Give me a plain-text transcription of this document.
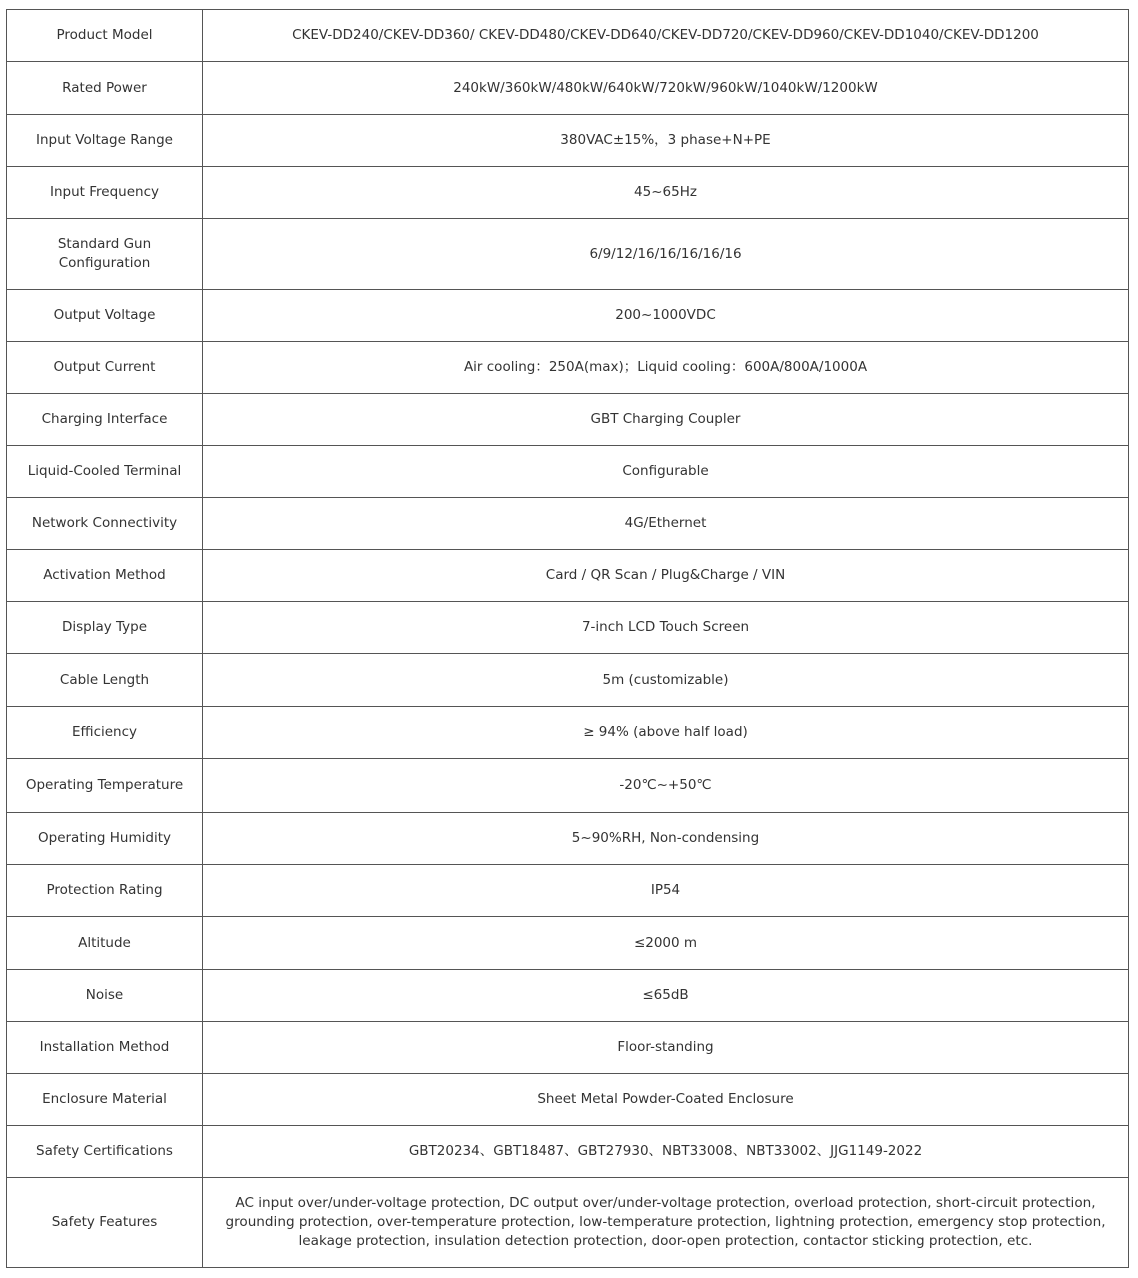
Product Model	CKEV-DD240/CKEV-DD360/ CKEV-DD480/CKEV-DD640/CKEV-DD720/CKEV-DD960/CKEV-DD1040/CKEV-DD1200
Rated Power	240kW/360kW/480kW/640kW/720kW/960kW/1040kW/1200kW
Input Voltage Range	380VAC±15%，3 phase+N+PE
Input Frequency	45~65Hz
Standard Gun Configuration	6/9/12/16/16/16/16/16
Output Voltage	200~1000VDC
Output Current	Air cooling：250A(max)；Liquid cooling：600A/800A/1000A
Charging Interface	GBT Charging Coupler
Liquid-Cooled Terminal	Configurable
Network Connectivity	4G/Ethernet
Activation Method	Card / QR Scan / Plug&Charge / VIN
Display Type	7-inch LCD Touch Screen
Cable Length	5m (customizable)
Efficiency	≥ 94% (above half load)
Operating Temperature	-20℃~+50℃
Operating Humidity	5~90%RH, Non-condensing
Protection Rating	IP54
Altitude	≤2000 m
Noise	≤65dB
Installation Method	Floor-standing
Enclosure Material	Sheet Metal Powder-Coated Enclosure
Safety Certifications	GBT20234、GBT18487、GBT27930、NBT33008、NBT33002、JJG1149-2022
Safety Features	AC input over/under-voltage protection, DC output over/under-voltage protection, overload protection, short-circuit protection, grounding protection, over-temperature protection, low-temperature protection, lightning protection, emergency stop protection, leakage protection, insulation detection protection, door-open protection, contactor sticking protection, etc.
